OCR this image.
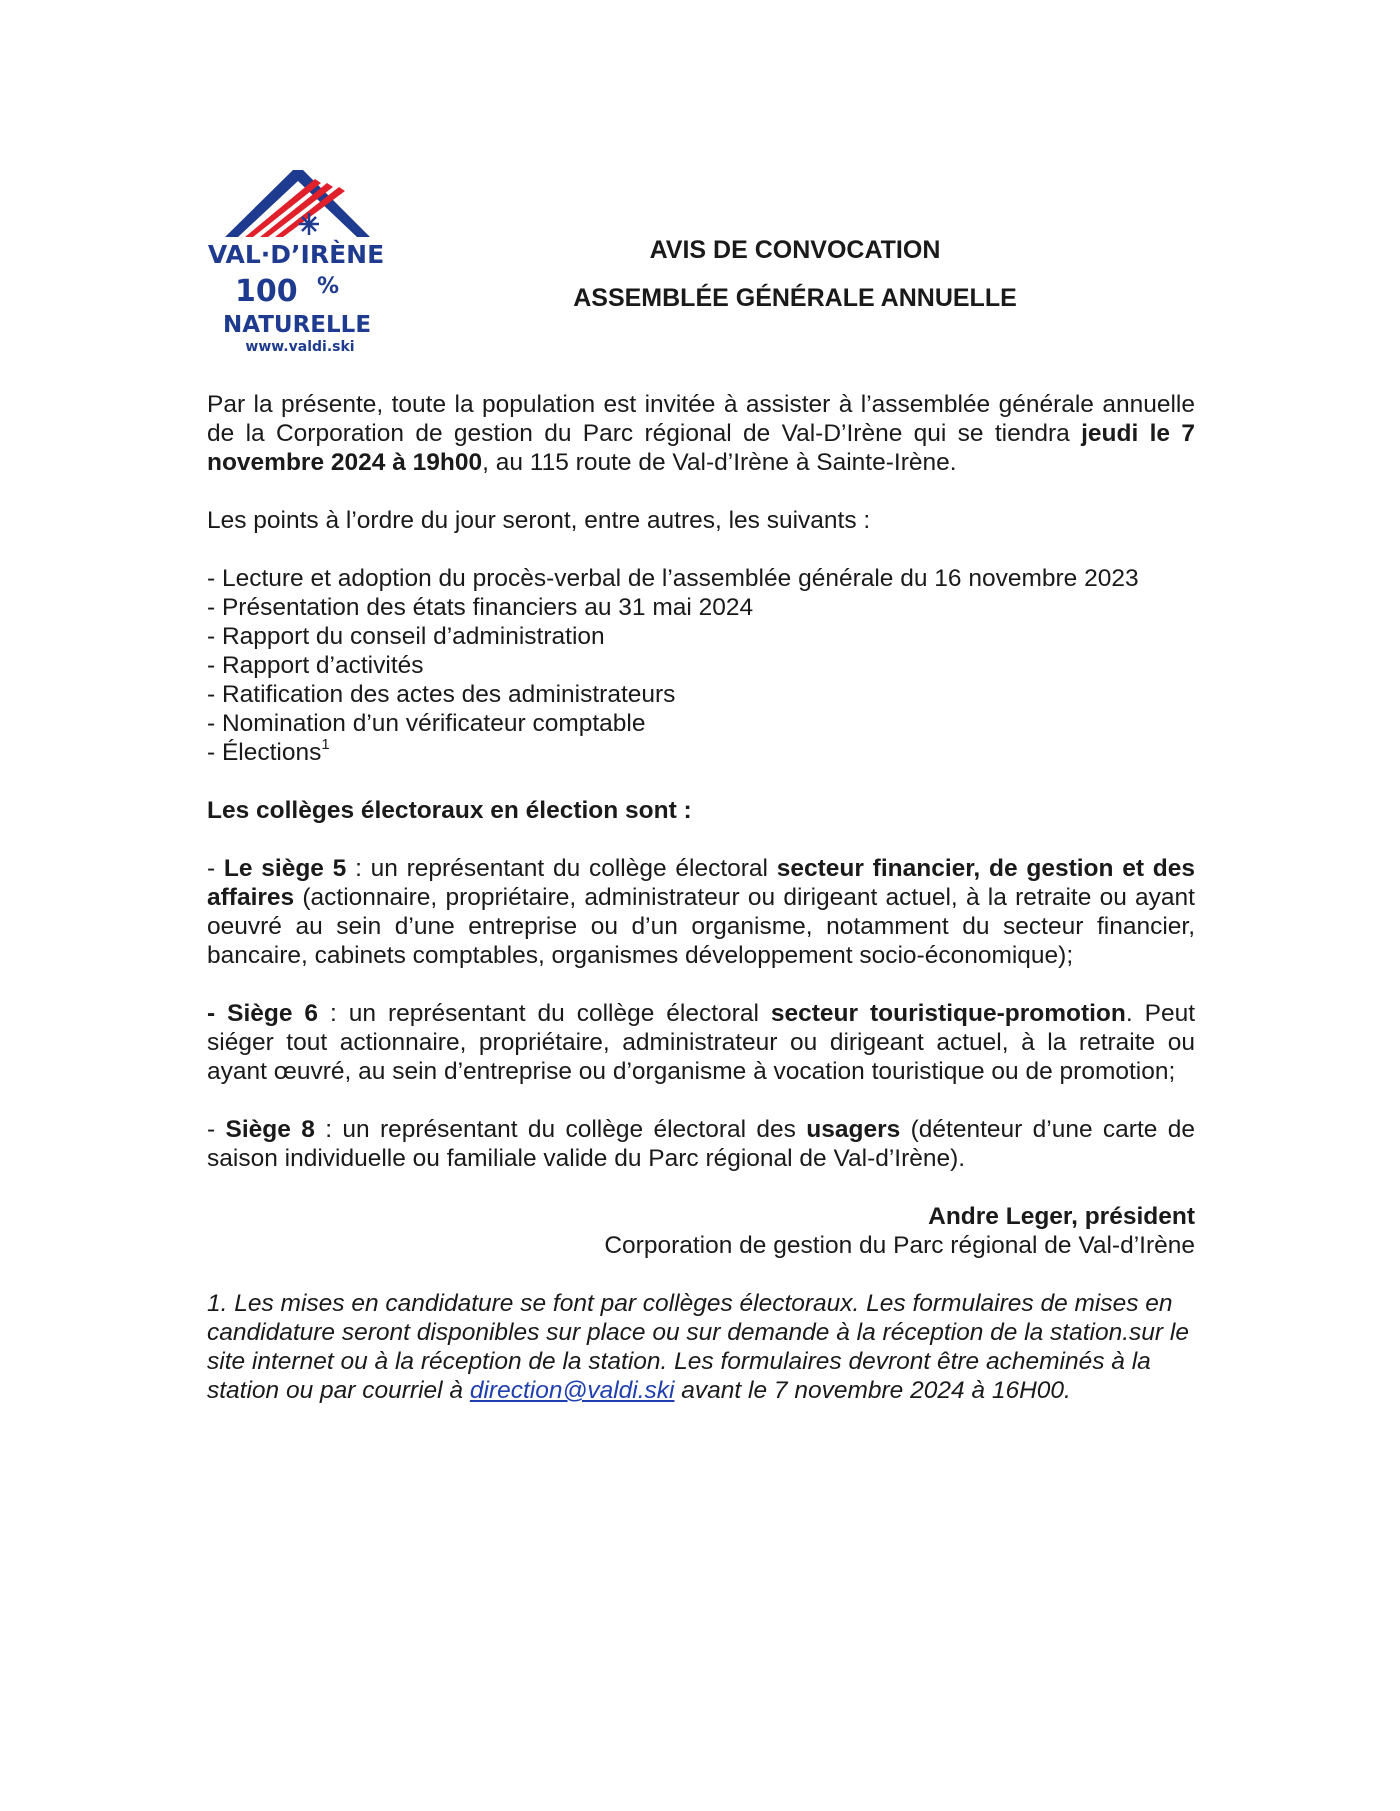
VAL·D’IRÈNE
100 %
NATURELLE
www.valdi.ski
AVIS DE CONVOCATION
ASSEMBLÉE GÉNÉRALE ANNUELLE

Par la présente, toute la population est invitée à assister à l’assemblée générale annuelle de la Corporation de gestion du Parc régional de Val-D’Irène qui se tiendra jeudi le 7 novembre 2024 à 19h00, au 115 route de Val-d’Irène à Sainte-Irène.

Les points à l’ordre du jour seront, entre autres, les suivants :

- Lecture et adoption du procès-verbal de l’assemblée générale du 16 novembre 2023

- Présentation des états financiers au 31 mai 2024

- Rapport du conseil d’administration

- Rapport d’activités

- Ratification des actes des administrateurs

- Nomination d’un vérificateur comptable

- Élections$^1$

Les collèges électoraux en élection sont :

- Le siège 5 : un représentant du collège électoral secteur financier, de gestion et des affaires (actionnaire, propriétaire, administrateur ou dirigeant actuel, à la retraite ou ayant oeuvré au sein d’une entreprise ou d’un organisme, notamment du secteur financier, bancaire, cabinets comptables, organismes développement socio-économique);

- Siège 6 : un représentant du collège électoral secteur touristique-promotion. Peut siéger tout actionnaire, propriétaire, administrateur ou dirigeant actuel, à la retraite ou ayant œuvré, au sein d’entreprise ou d’organisme à vocation touristique ou de promotion;

- Siège 8 : un représentant du collège électoral des usagers (détenteur d’une carte de saison individuelle ou familiale valide du Parc régional de Val-d’Irène).

Andre Leger, président

Corporation de gestion du Parc régional de Val-d’Irène

1. Les mises en candidature se font par collèges électoraux. Les formulaires de mises en candidature seront disponibles sur place ou sur demande à la réception de la station.sur le site internet ou à la réception de la station. Les formulaires devront être acheminés à la station ou par courriel à direction@valdi.ski avant le 7 novembre 2024 à 16H00.
